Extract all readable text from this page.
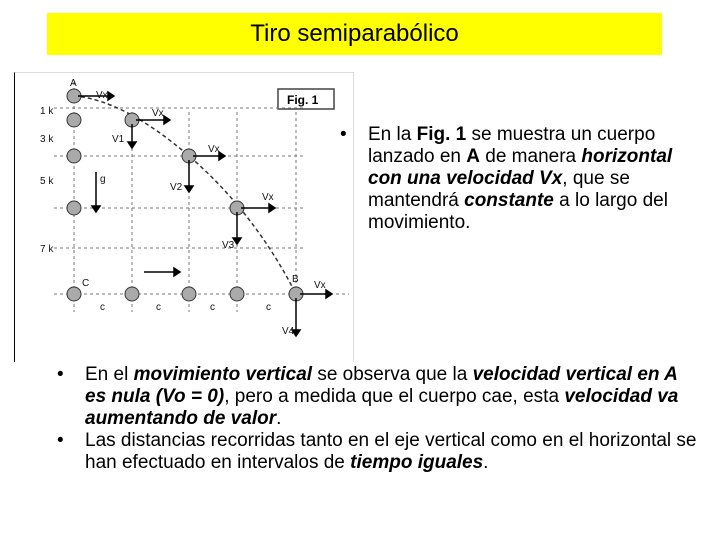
Tiro semiparabólico
Fig. 1
1 k
3 k
5 k
7 k
c	c	c	c
A
B
C
Vx
Vx
Vx
Vx
Vx
V1
V2
V3
V4
g
• En la Fig. 1 se muestra un cuerpo lanzado en A de manera horizontal con una velocidad Vx, que se mantendrá constante a lo largo del movimiento.
• En el movimiento vertical se observa que la velocidad vertical en A es nula (Vo = 0), pero a medida que el cuerpo cae, esta velocidad va aumentando de valor.
• Las distancias recorridas tanto en el eje vertical como en el horizontal se han efectuado en intervalos de tiempo iguales.
